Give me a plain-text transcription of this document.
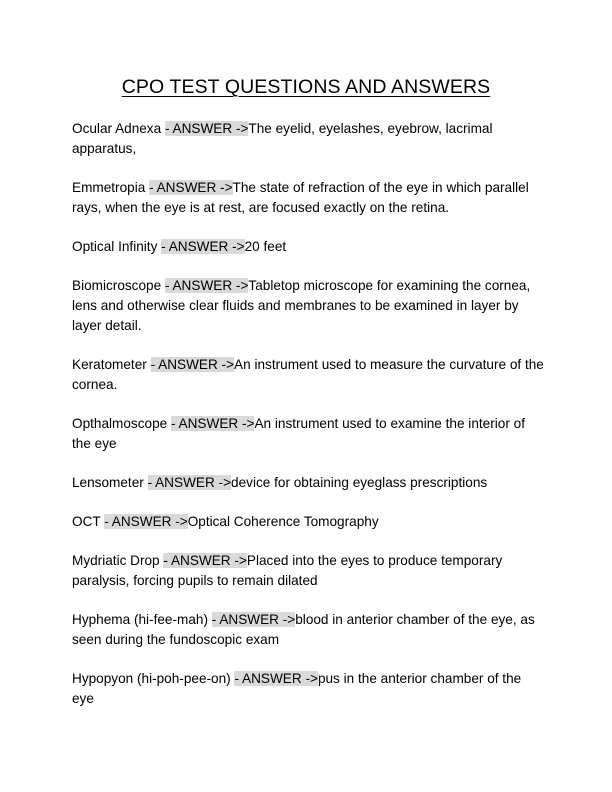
CPO TEST QUESTIONS AND ANSWERS

Ocular Adnexa - ANSWER ->The eyelid, eyelashes, eyebrow, lacrimal apparatus,

Emmetropia - ANSWER ->The state of refraction of the eye in which parallel rays, when the eye is at rest, are focused exactly on the retina.

Optical Infinity - ANSWER ->20 feet

Biomicroscope - ANSWER ->Tabletop microscope for examining the cornea, lens and otherwise clear fluids and membranes to be examined in layer by layer detail.

Keratometer - ANSWER ->An instrument used to measure the curvature of the cornea.

Opthalmoscope - ANSWER ->An instrument used to examine the interior of the eye

Lensometer - ANSWER ->device for obtaining eyeglass prescriptions

OCT - ANSWER ->Optical Coherence Tomography

Mydriatic Drop - ANSWER ->Placed into the eyes to produce temporary paralysis, forcing pupils to remain dilated

Hyphema (hi-fee-mah) - ANSWER ->blood in anterior chamber of the eye, as seen during the fundoscopic exam

Hypopyon (hi-poh-pee-on) - ANSWER ->pus in the anterior chamber of the eye
